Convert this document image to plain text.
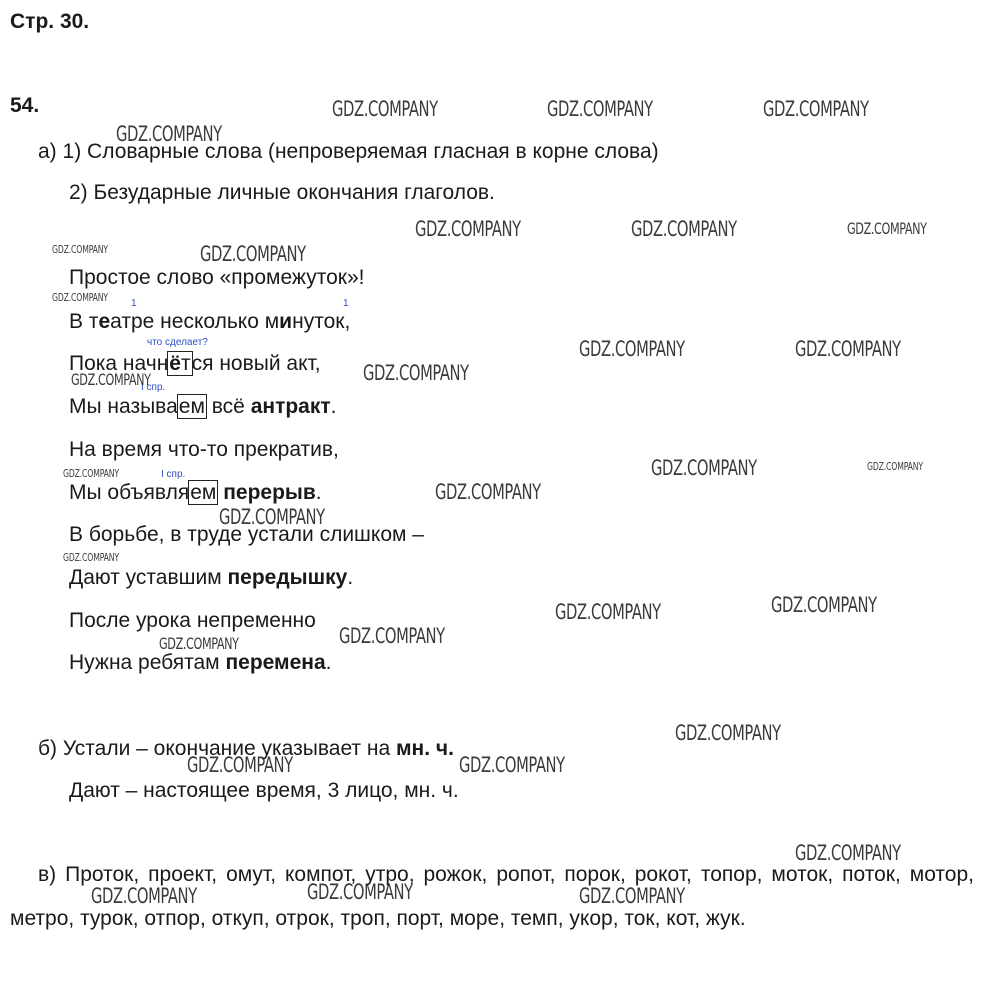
Стр. 30.
54.
а) 1) Словарные слова (непроверяемая гласная в корне слова)
2) Безударные личные окончания глаголов.
Простое слово «промежуток»!
В театре несколько минуток,
Пока начнётся новый акт,
Мы называем всё антракт.
На время что-то прекратив,
Мы объявляем перерыв.
В борьбе, в труде устали слишком –
Дают уставшим передышку.
После урока непременно
Нужна ребятам перемена.
1	1
что сделает?
I спр.
I спр.
б) Устали – окончание указывает на мн. ч.
Дают – настоящее время, 3 лицо, мн. ч.
в) Проток, проект, омут, компот, утро, рожок, ропот, порок, рокот, топор, моток, поток, мотор, метро, турок, отпор, откуп, отрок, троп, порт, море, темп, укор, ток, кот, жук.
GDZ.COMPANY	GDZ.COMPANY	GDZ.COMPANY
GDZ.COMPANY
GDZ.COMPANY	GDZ.COMPANY	GDZ.COMPANY
GDZ.COMPANY	GDZ.COMPANY
GDZ.COMPANY
GDZ.COMPANY	GDZ.COMPANY
GDZ.COMPANY
GDZ.COMPANY
GDZ.COMPANY	GDZ.COMPANY
GDZ.COMPANY
GDZ.COMPANY
GDZ.COMPANY
GDZ.COMPANY
GDZ.COMPANY
GDZ.COMPANY
GDZ.COMPANY
GDZ.COMPANY
GDZ.COMPANY
GDZ.COMPANY	GDZ.COMPANY
GDZ.COMPANY
GDZ.COMPANY
GDZ.COMPANY	GDZ.COMPANY
